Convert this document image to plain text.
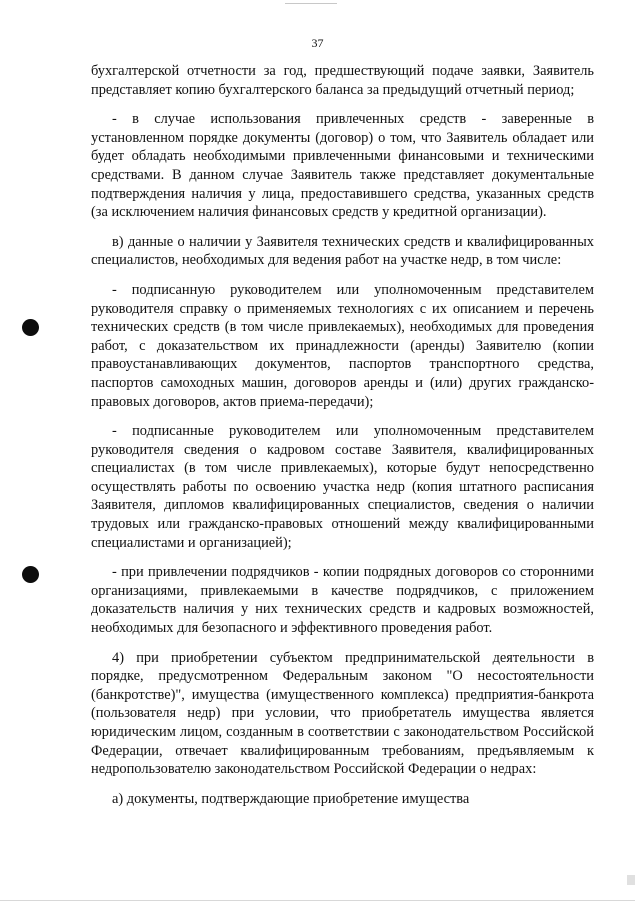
37

бухгалтерской отчетности за год, предшествующий подаче заявки, Заявитель представляет копию бухгалтерского баланса за предыдущий отчетный период;

- в случае использования привлеченных средств - заверенные в установленном порядке документы (договор) о том, что Заявитель обладает или будет обладать необходимыми привлеченными финансовыми и техническими средствами. В данном случае Заявитель также представляет документальные подтверждения наличия у лица, предоставившего средства, указанных средств (за исключением наличия финансовых средств у кредитной организации).

в) данные о наличии у Заявителя технических средств и квалифицированных специалистов, необходимых для ведения работ на участке недр, в том числе:

- подписанную руководителем или уполномоченным представителем руководителя справку о применяемых технологиях с их описанием и перечень технических средств (в том числе привлекаемых), необходимых для проведения работ, с доказательством их принадлежности (аренды) Заявителю (копии правоустанавливающих документов, паспортов транспортного средства, паспортов самоходных машин, договоров аренды и (или) других гражданско-правовых договоров, актов приема-передачи);

- подписанные руководителем или уполномоченным представителем руководителя сведения о кадровом составе Заявителя, квалифицированных специалистах (в том числе привлекаемых), которые будут непосредственно осуществлять работы по освоению участка недр (копия штатного расписания Заявителя, дипломов квалифицированных специалистов, сведения о наличии трудовых или гражданско-правовых отношений между квалифицированными специалистами и организацией);

- при привлечении подрядчиков - копии подрядных договоров со сторонними организациями, привлекаемыми в качестве подрядчиков, с приложением доказательств наличия у них технических средств и кадровых возможностей, необходимых для безопасного и эффективного проведения работ.

4) при приобретении субъектом предпринимательской деятельности в порядке, предусмотренном Федеральным законом "О несостоятельности (банкротстве)", имущества (имущественного комплекса) предприятия-банкрота (пользователя недр) при условии, что приобретатель имущества является юридическим лицом, созданным в соответствии с законодательством Российской Федерации, отвечает квалифицированным требованиям, предъявляемым к недропользователю законодательством Российской Федерации о недрах:

а) документы, подтверждающие приобретение имущества
